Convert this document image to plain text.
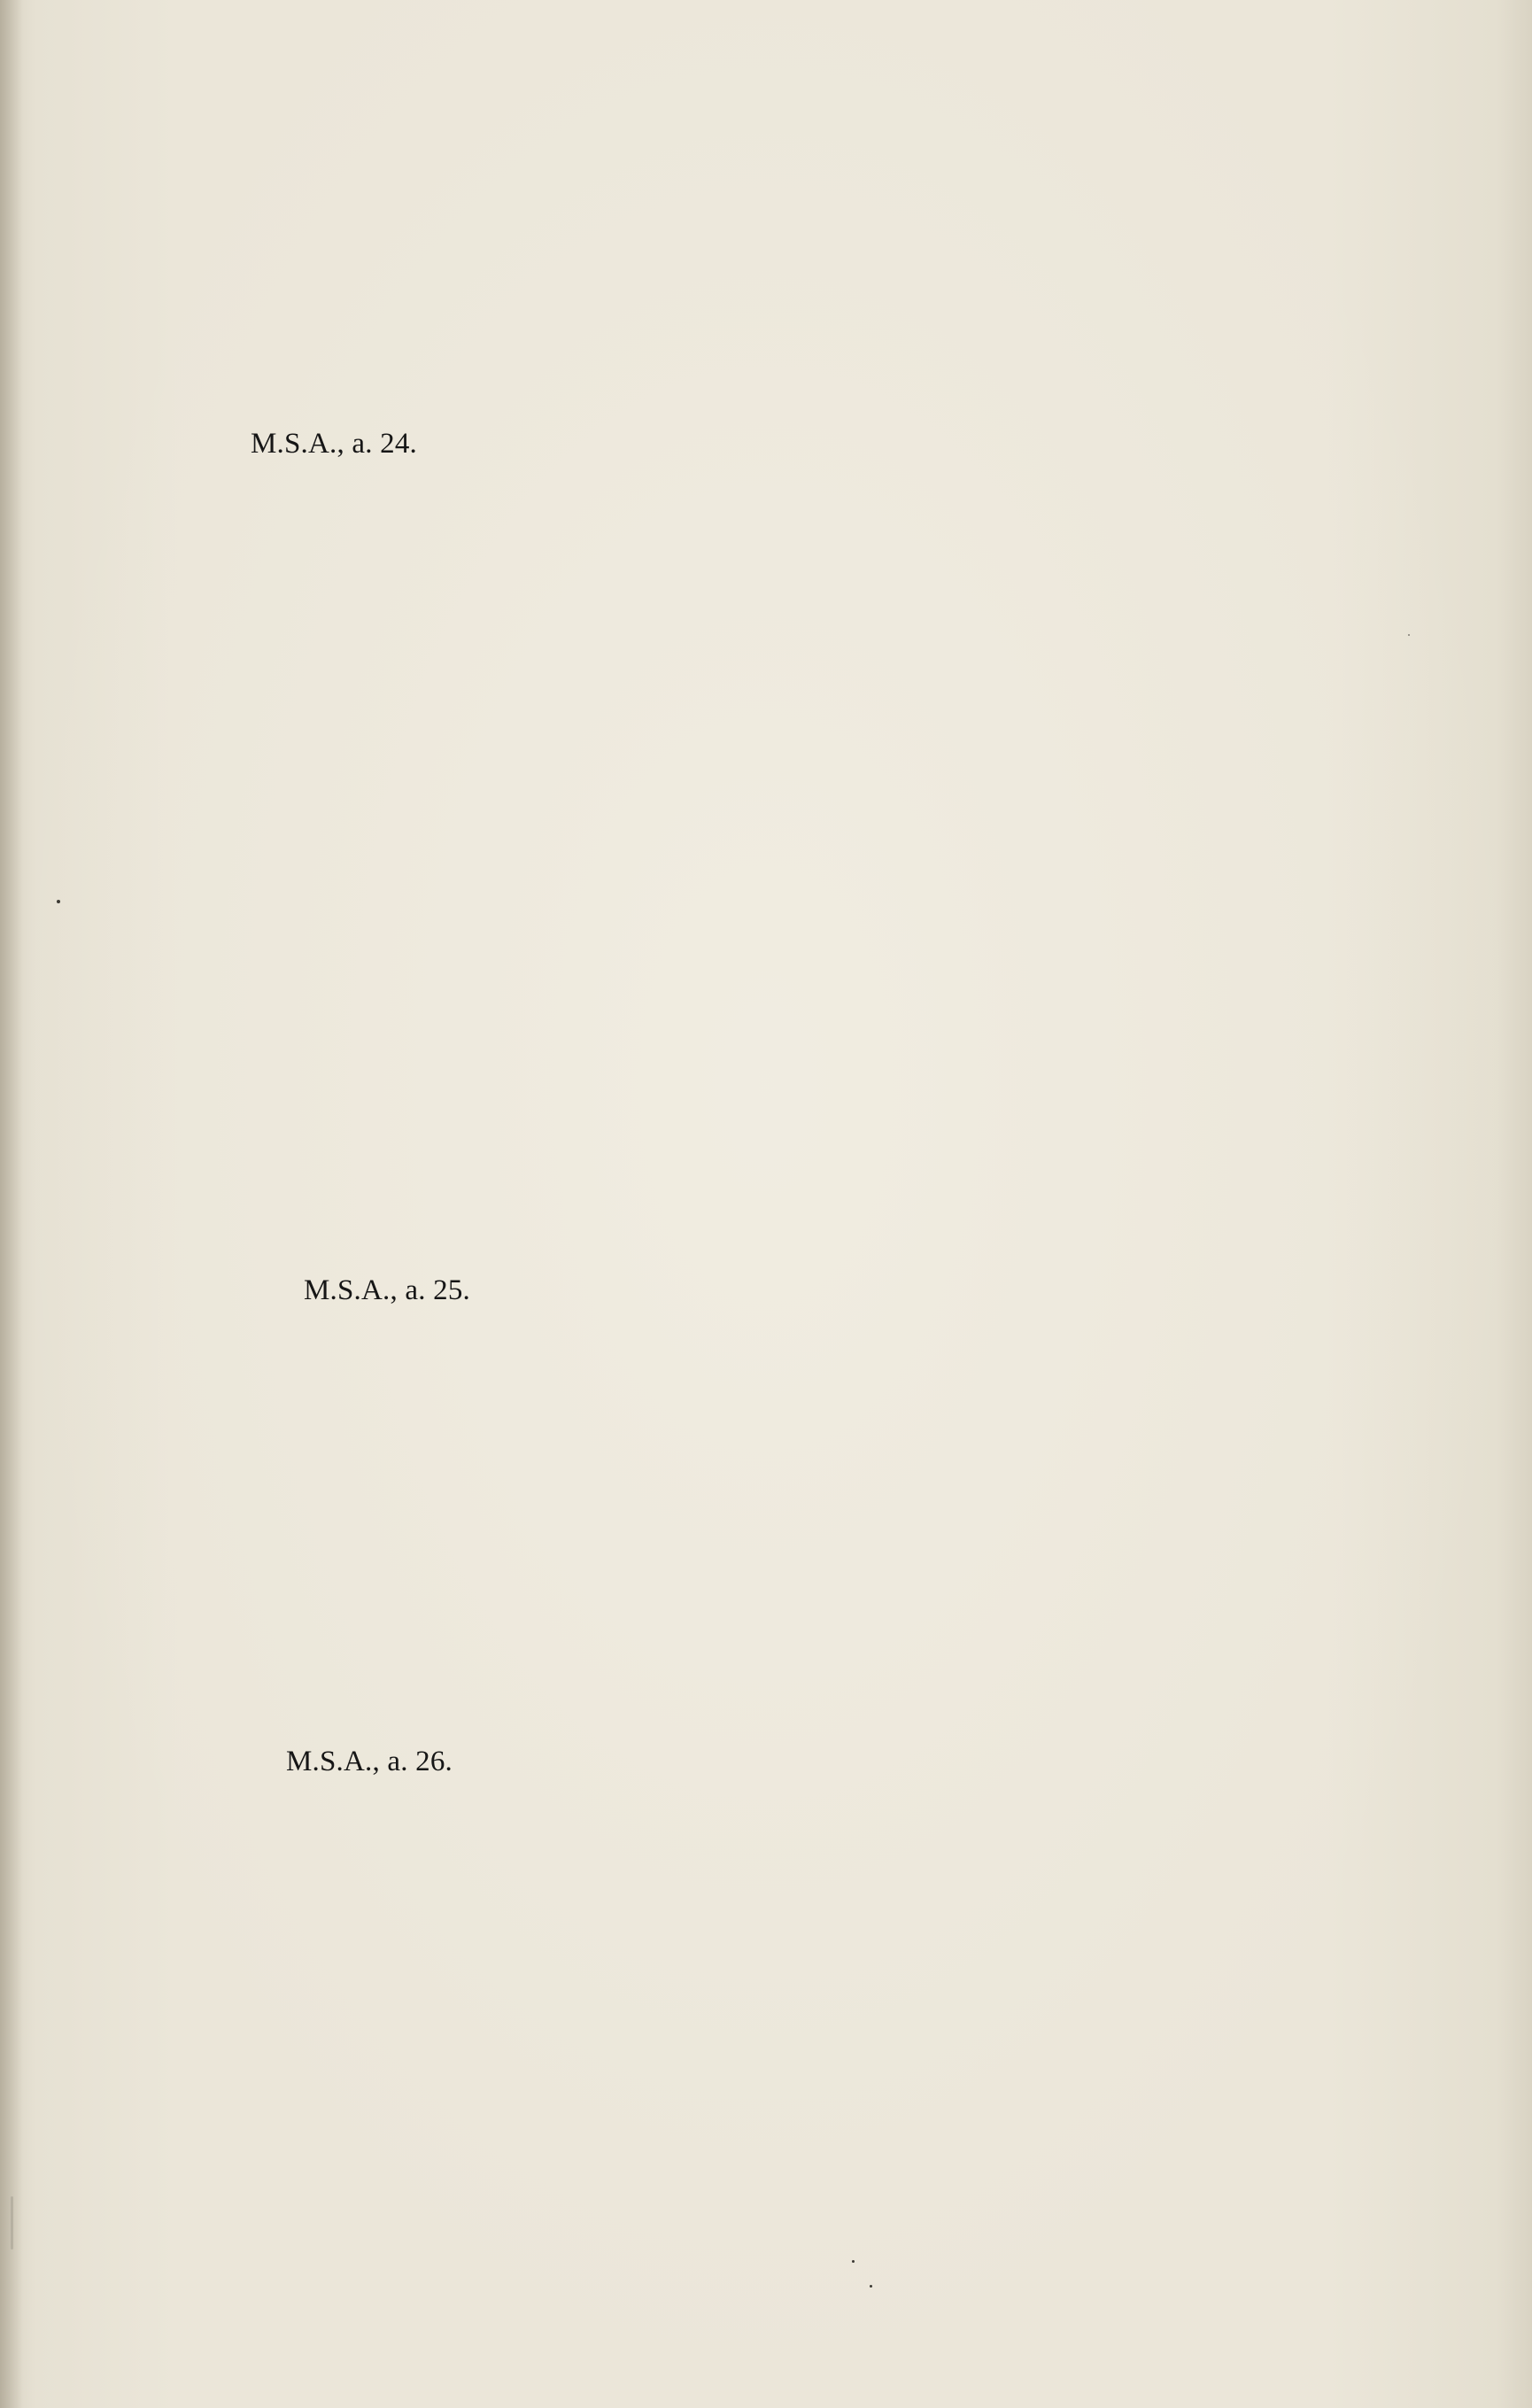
M.S.A., a. 24.
M.S.A., a. 25.
M.S.A., a. 26.
